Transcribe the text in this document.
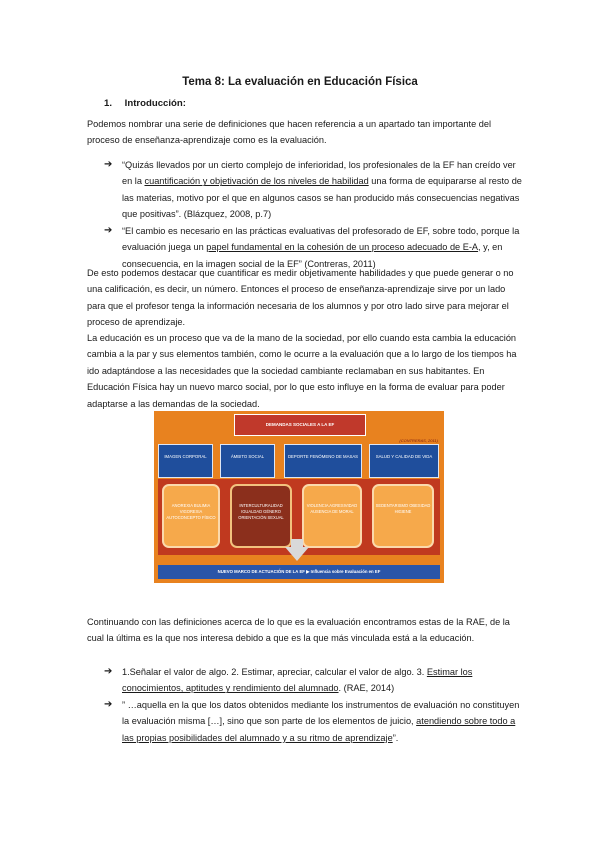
Tema 8: La evaluación en Educación Física
1. Introducción:
Podemos nombrar una serie de definiciones que hacen referencia a un apartado tan importante del proceso de enseñanza-aprendizaje como es la evaluación.
➔ “Quizás llevados por un cierto complejo de inferioridad, los profesionales de la EF han creído ver en la cuantificación y objetivación de los niveles de habilidad una forma de equipararse al resto de las materias, motivo por el que en algunos casos se han producido más consecuencias negativas que positivas”. (Blázquez, 2008, p.7)
➔ “El cambio es necesario en las prácticas evaluativas del profesorado de EF, sobre todo, porque la evaluación juega un papel fundamental en la cohesión de un proceso adecuado de E-A, y, en consecuencia, en la imagen social de la EF” (Contreras, 2011)
De esto podemos destacar que cuantificar es medir objetivamente habilidades y que puede generar o no una calificación, es decir, un número. Entonces el proceso de enseñanza-aprendizaje sirve por un lado para que el profesor tenga la información necesaria de los alumnos y por otro lado sirve para mejorar el proceso de aprendizaje.
La educación es un proceso que va de la mano de la sociedad, por ello cuando esta cambia la educación cambia a la par y sus elementos también, como le ocurre a la evaluación que a lo largo de los tiempos ha ido adaptándose a las necesidades que la sociedad cambiante reclamaban en sus habitantes. En Educación Física hay un nuevo marco social, por lo que esto influye en la forma de evaluar para poder adaptarse a las demandas de la sociedad.
DEMANDAS SOCIALES A LA EF
(CONTRERAS, 2011)
IMAGEN CORPORAL	ÁMBITO SOCIAL	DEPORTE FENÓMENO DE MASAS	SALUD Y CALIDAD DE VIDA
ANOREXIA BULIMIA VIGOREXIA AUTOCONCEPTO FÍSICO
INTERCULTURALIDAD IGUALDAD GÉNERO ORIENTACIÓN SEXUAL
VIOLENCIA AGRESIVIDAD AUSENCIA DE MORAL
SEDENTARISMO OBESIDAD HIGIENE
NUEVO MARCO DE ACTUACIÓN DE LA EF ▶ Influencia sobre Evaluación en EF
Continuando con las definiciones acerca de lo que es la evaluación encontramos estas de la RAE, de la cual la última es la que nos interesa debido a que es la que más vinculada está a la educación.
➔ 1.Señalar el valor de algo. 2. Estimar, apreciar, calcular el valor de algo. 3. Estimar los conocimientos, aptitudes y rendimiento del alumnado. (RAE, 2014)
➔ ” …aquella en la que los datos obtenidos mediante los instrumentos de evaluación no constituyen la evaluación misma […], sino que son parte de los elementos de juicio, atendiendo sobre todo a las propias posibilidades del alumnado y a su ritmo de aprendizaje”.
